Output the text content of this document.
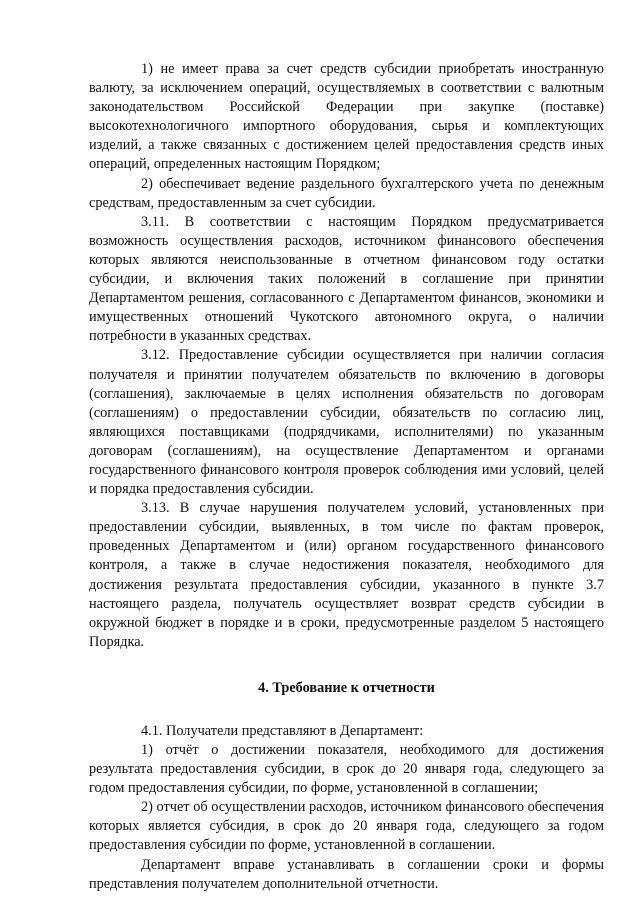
1) не имеет права за счет средств субсидии приобретать иностранную валюту, за исключением операций, осуществляемых в соответствии с валютным законодательством Российской Федерации при закупке (поставке) высокотехнологичного импортного оборудования, сырья и комплектующих изделий, а также связанных с достижением целей предоставления средств иных операций, определенных настоящим Порядком;

2) обеспечивает ведение раздельного бухгалтерского учета по денежным средствам, предоставленным за счет субсидии.

3.11. В соответствии с настоящим Порядком предусматривается возможность осуществления расходов, источником финансового обеспечения которых являются неиспользованные в отчетном финансовом году остатки субсидии, и включения таких положений в соглашение при принятии Департаментом решения, согласованного с Департаментом финансов, экономики и имущественных отношений Чукотского автономного округа, о наличии потребности в указанных средствах.

3.12. Предоставление субсидии осуществляется при наличии согласия получателя и принятии получателем обязательств по включению в договоры (соглашения), заключаемые в целях исполнения обязательств по договорам (соглашениям) о предоставлении субсидии, обязательств по согласию лиц, являющихся поставщиками (подрядчиками, исполнителями) по указанным договорам (соглашениям), на осуществление Департаментом и органами государственного финансового контроля проверок соблюдения ими условий, целей и порядка предоставления субсидии.

3.13. В случае нарушения получателем условий, установленных при предоставлении субсидии, выявленных, в том числе по фактам проверок, проведенных Департаментом и (или) органом государственного финансового контроля, а также в случае недостижения показателя, необходимого для достижения результата предоставления субсидии, указанного в пункте 3.7 настоящего раздела, получатель осуществляет возврат средств субсидии в окружной бюджет в порядке и в сроки, предусмотренные разделом 5 настоящего Порядка.

4. Требование к отчетности

4.1. Получатели представляют в Департамент:

1) отчёт о достижении показателя, необходимого для достижения результата предоставления субсидии, в срок до 20 января года, следующего за годом предоставления субсидии, по форме, установленной в соглашении;

2) отчет об осуществлении расходов, источником финансового обеспечения которых является субсидия, в срок до 20 января года, следующего за годом предоставления субсидии по форме, установленной в соглашении.

Департамент вправе устанавливать в соглашении сроки и формы представления получателем дополнительной отчетности.
